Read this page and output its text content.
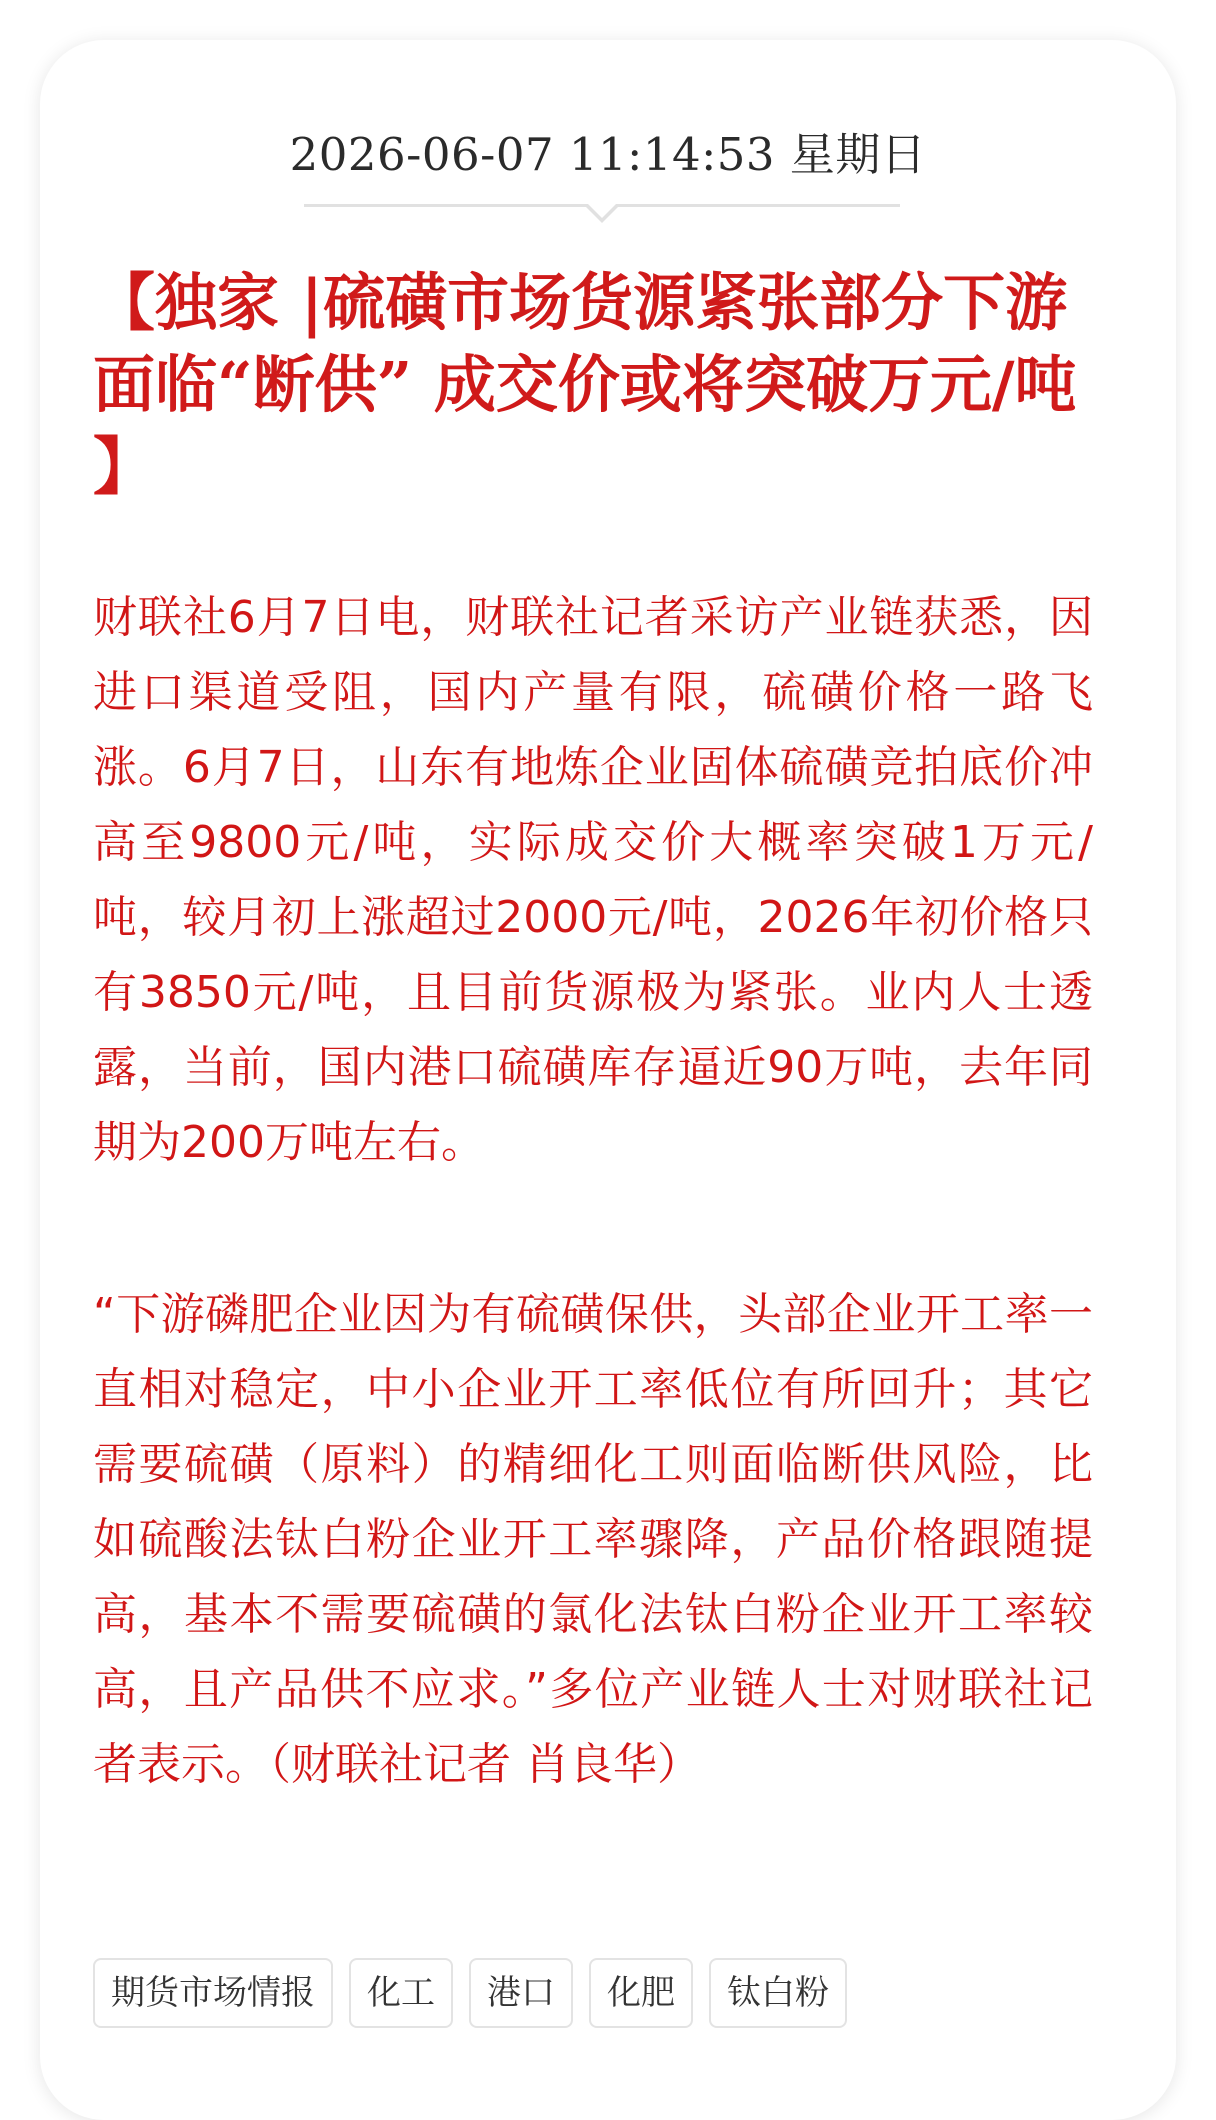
2026-06-07 11:14:53 星期日
【独家 |硫磺市场货源紧张部分下游面临“断供” 成交价或将突破万元/吨 】
财联社6月7日电，财联社记者采访产业链获悉，因进口渠道受阻，国内产量有限，硫磺价格一路飞涨。6月7日，山东有地炼企业固体硫磺竞拍底价冲高至9800元/吨，实际成交价大概率突破1万元/吨，较月初上涨超过2000元/吨，2026年初价格只有3850元/吨，且目前货源极为紧张。业内人士透露，当前，国内港口硫磺库存逼近90万吨，去年同期为200万吨左右。
“下游磷肥企业因为有硫磺保供，头部企业开工率一直相对稳定，中小企业开工率低位有所回升；其它需要硫磺（原料）的精细化工则面临断供风险，比如硫酸法钛白粉企业开工率骤降，产品价格跟随提高，基本不需要硫磺的氯化法钛白粉企业开工率较高，且产品供不应求。”多位产业链人士对财联社记者表示。（财联社记者 肖良华）
期货市场情报	化工	港口	化肥	钛白粉
